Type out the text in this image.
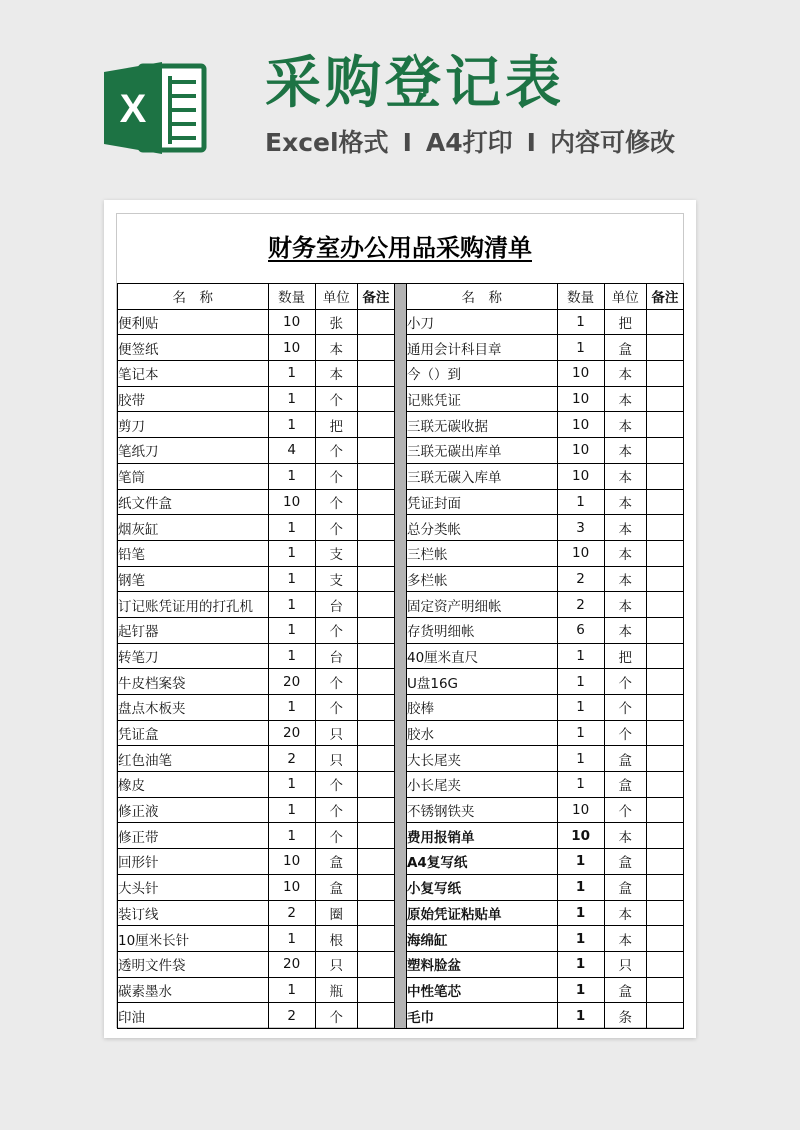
X 采购登记表
Excel格式 I A4打印 I 内容可修改
财务室办公用品采购清单
名　称	数量	单位	备注		名　称	数量	单位	备注
便利贴	10	张			小刀	1	把	
便签纸	10	本			通用会计科目章	1	盒	
笔记本	1	本			今（）到	10	本	
胶带	1	个			记账凭证	10	本	
剪刀	1	把			三联无碳收据	10	本	
笔纸刀	4	个			三联无碳出库单	10	本	
笔筒	1	个			三联无碳入库单	10	本	
纸文件盒	10	个			凭证封面	1	本	
烟灰缸	1	个			总分类帐	3	本	
铅笔	1	支			三栏帐	10	本	
钢笔	1	支			多栏帐	2	本	
订记账凭证用的打孔机	1	台			固定资产明细帐	2	本	
起钉器	1	个			存货明细帐	6	本	
转笔刀	1	台			40厘米直尺	1	把	
牛皮档案袋	20	个			U盘16G	1	个	
盘点木板夹	1	个			胶棒	1	个	
凭证盒	20	只			胶水	1	个	
红色油笔	2	只			大长尾夹	1	盒	
橡皮	1	个			小长尾夹	1	盒	
修正液	1	个			不锈钢铁夹	10	个	
修正带	1	个			费用报销单	10	本	
回形针	10	盒			A4复写纸	1	盒	
大头针	10	盒			小复写纸	1	盒	
装订线	2	圈			原始凭证粘贴单	1	本	
10厘米长针	1	根			海绵缸	1	本	
透明文件袋	20	只			塑料脸盆	1	只	
碳素墨水	1	瓶			中性笔芯	1	盒	
印油	2	个			毛巾	1	条	
